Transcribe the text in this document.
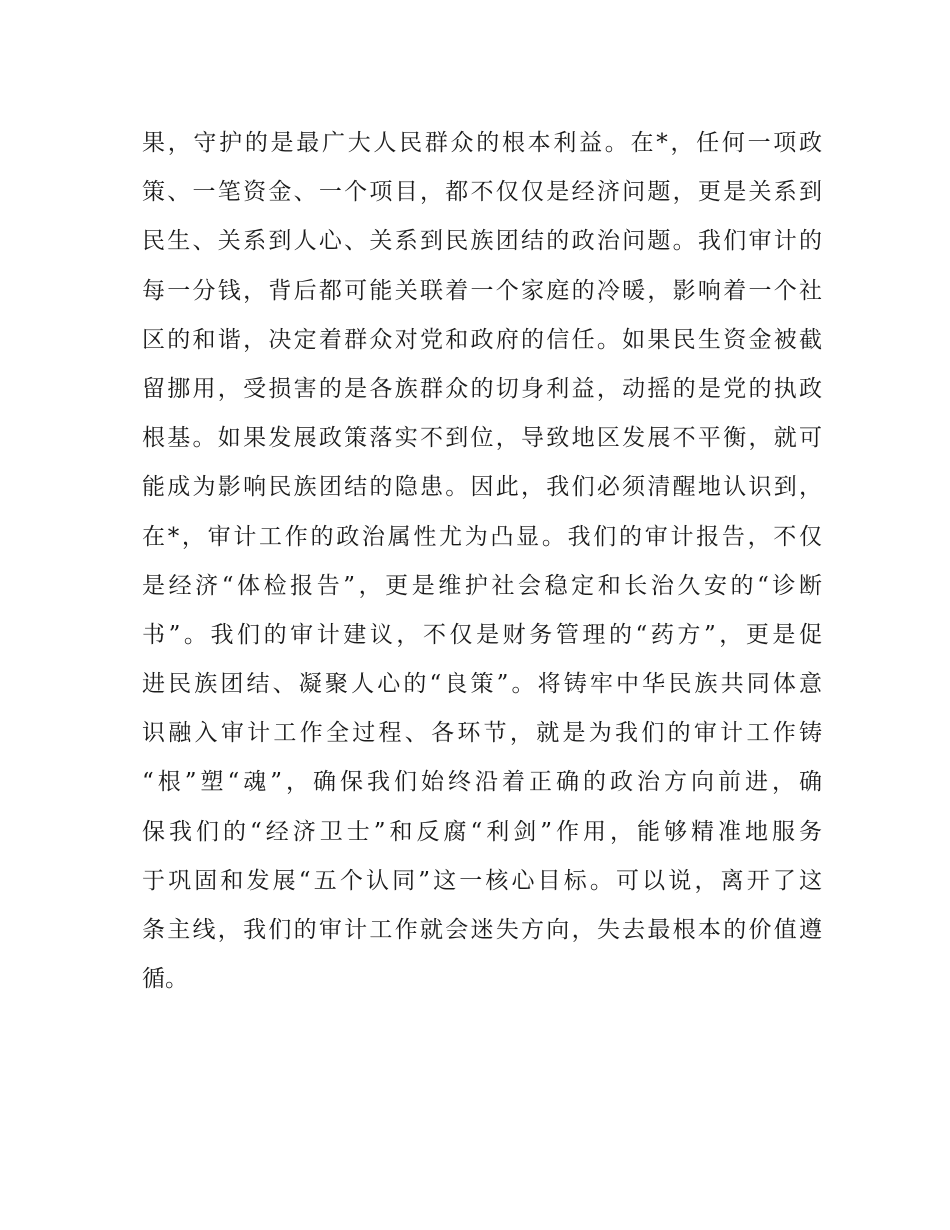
果，守护的是最广大人民群众的根本利益。在*，任何一项政
策、一笔资金、一个项目，都不仅仅是经济问题，更是关系到
民生、关系到人心、关系到民族团结的政治问题。我们审计的
每一分钱，背后都可能关联着一个家庭的冷暖，影响着一个社
区的和谐，决定着群众对党和政府的信任。如果民生资金被截
留挪用，受损害的是各族群众的切身利益，动摇的是党的执政
根基。如果发展政策落实不到位，导致地区发展不平衡，就可
能成为影响民族团结的隐患。因此，我们必须清醒地认识到，
在*，审计工作的政治属性尤为凸显。我们的审计报告，不仅
是经济“体检报告”，更是维护社会稳定和长治久安的“诊断
书”。我们的审计建议，不仅是财务管理的“药方”，更是促
进民族团结、凝聚人心的“良策”。将铸牢中华民族共同体意
识融入审计工作全过程、各环节，就是为我们的审计工作铸
“根”塑“魂”，确保我们始终沿着正确的政治方向前进，确
保我们的“经济卫士”和反腐“利剑”作用，能够精准地服务
于巩固和发展“五个认同”这一核心目标。可以说，离开了这
条主线，我们的审计工作就会迷失方向，失去最根本的价值遵
循。
